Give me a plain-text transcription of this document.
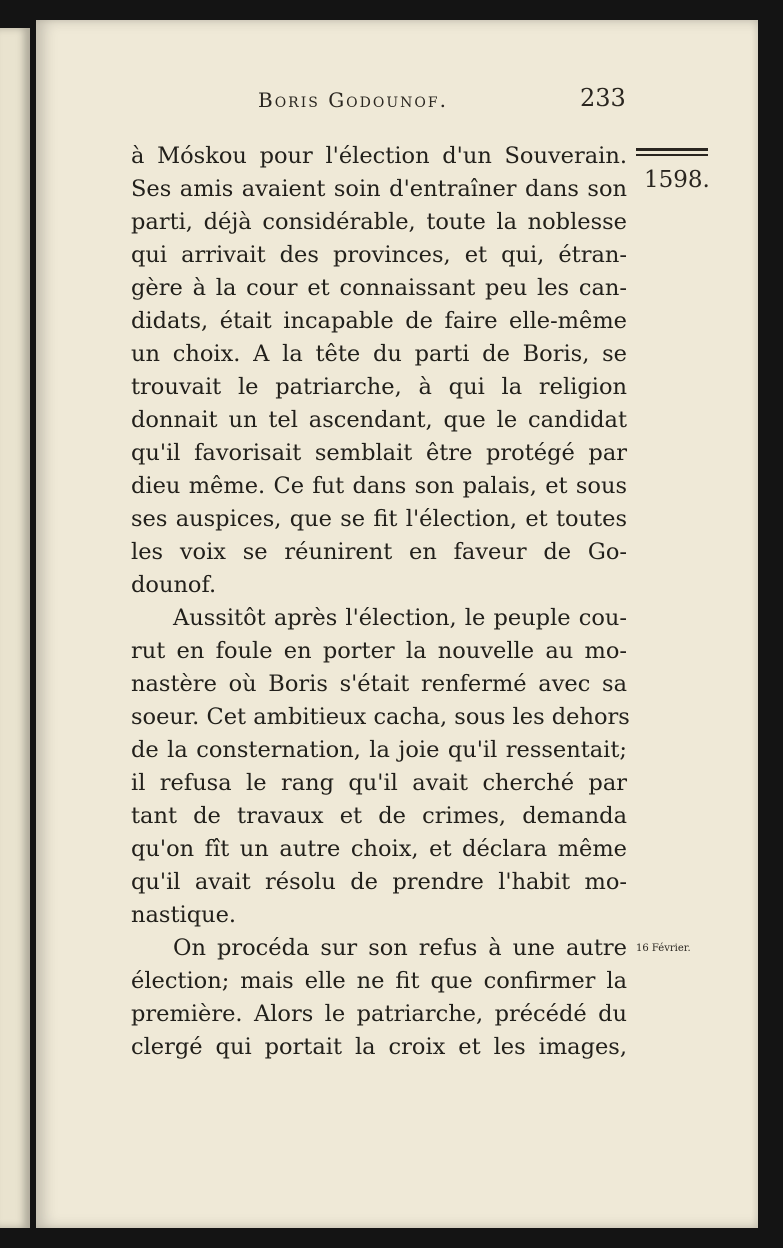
Boris Godounof.	233
1598.
16 Février.
à Móskou pour l'élection d'un Souverain.
Ses amis avaient soin d'entraîner dans son
parti, déjà considérable, toute la noblesse
qui arrivait des provinces, et qui, étran-
gère à la cour et connaissant peu les can-
didats, était incapable de faire elle-même
un choix. A la tête du parti de Boris, se
trouvait le patriarche, à qui la religion
donnait un tel ascendant, que le candidat
qu'il favorisait semblait être protégé par
dieu même. Ce fut dans son palais, et sous
ses auspices, que se fit l'élection, et toutes
les voix se réunirent en faveur de Go-
dounof.
Aussitôt après l'élection, le peuple cou-
rut en foule en porter la nouvelle au mo-
nastère où Boris s'était renfermé avec sa
soeur. Cet ambitieux cacha, sous les dehors
de la consternation, la joie qu'il ressentait;
il refusa le rang qu'il avait cherché par
tant de travaux et de crimes, demanda
qu'on fît un autre choix, et déclara même
qu'il avait résolu de prendre l'habit mo-
nastique.
On procéda sur son refus à une autre
élection; mais elle ne fit que confirmer la
première. Alors le patriarche, précédé du
clergé qui portait la croix et les images,
